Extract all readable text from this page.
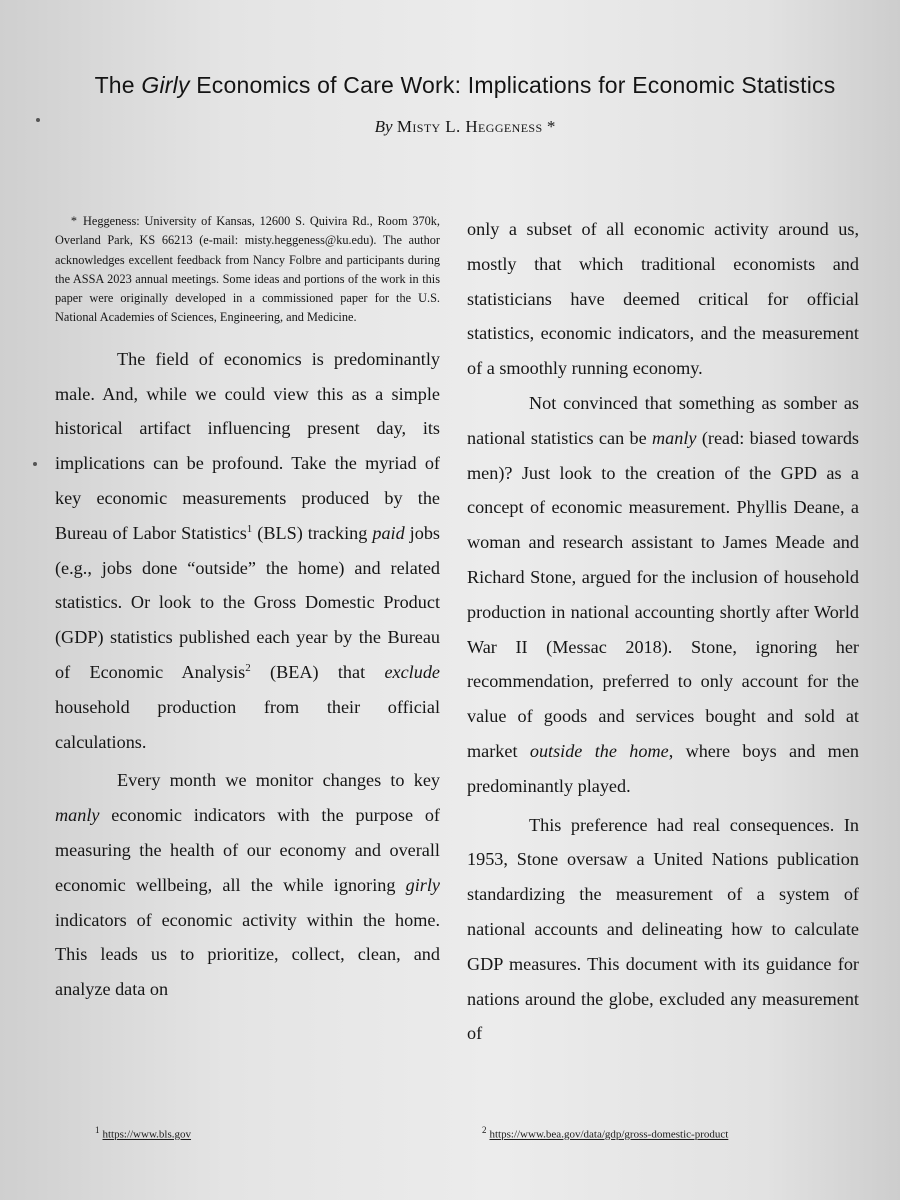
The Girly Economics of Care Work: Implications for Economic Statistics
By Misty L. Heggeness *

* Heggeness: University of Kansas, 12600 S. Quivira Rd., Room 370k, Overland Park, KS 66213 (e-mail: misty.heggeness@ku.edu). The author acknowledges excellent feedback from Nancy Folbre and participants during the ASSA 2023 annual meetings. Some ideas and portions of the work in this paper were originally developed in a commissioned paper for the U.S. National Academies of Sciences, Engineering, and Medicine.

The field of economics is predominantly male. And, while we could view this as a simple historical artifact influencing present day, its implications can be profound. Take the myriad of key economic measurements produced by the Bureau of Labor Statistics$^1$ (BLS) tracking paid jobs (e.g., jobs done “outside” the home) and related statistics. Or look to the Gross Domestic Product (GDP) statistics published each year by the Bureau of Economic Analysis$^2$ (BEA) that exclude household production from their official calculations.

Every month we monitor changes to key manly economic indicators with the purpose of measuring the health of our economy and overall economic wellbeing, all the while ignoring girly indicators of economic activity within the home. This leads us to prioritize, collect, clean, and analyze data on

only a subset of all economic activity around us, mostly that which traditional economists and statisticians have deemed critical for official statistics, economic indicators, and the measurement of a smoothly running economy.

Not convinced that something as somber as national statistics can be manly (read: biased towards men)? Just look to the creation of the GPD as a concept of economic measurement. Phyllis Deane, a woman and research assistant to James Meade and Richard Stone, argued for the inclusion of household production in national accounting shortly after World War II (Messac 2018). Stone, ignoring her recommendation, preferred to only account for the value of goods and services bought and sold at market outside the home, where boys and men predominantly played.

This preference had real consequences. In 1953, Stone oversaw a United Nations publication standardizing the measurement of a system of national accounts and delineating how to calculate GDP measures. This document with its guidance for nations around the globe, excluded any measurement of

$^1$ https://www.bls.gov	$^2$ https://www.bea.gov/data/gdp/gross-domestic-product
